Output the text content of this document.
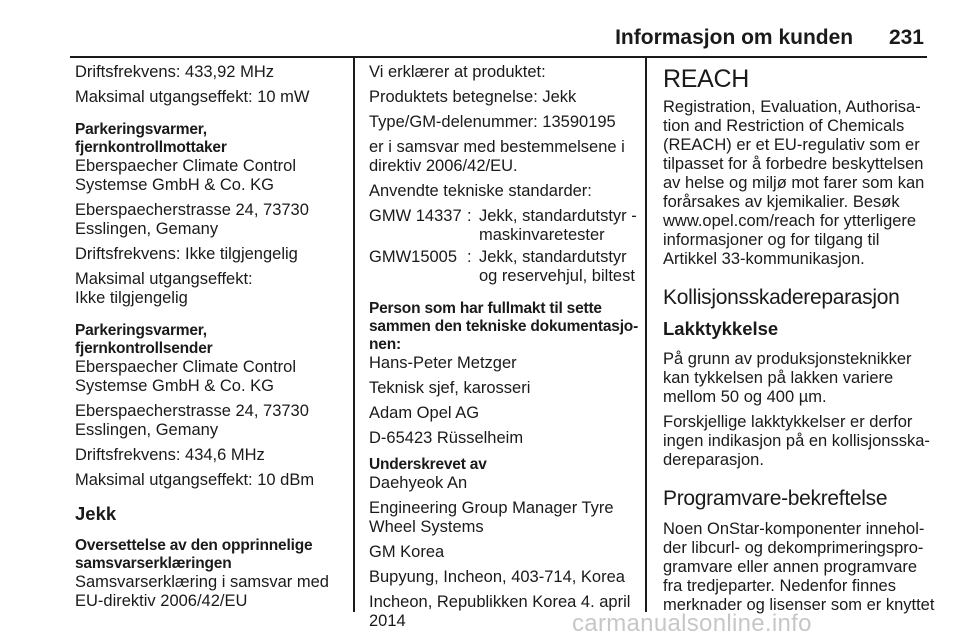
Informasjon om kunden 231

Driftsfrekvens: 433,92 MHz

Maksimal utgangseffekt: 10 mW

Parkeringsvarmer,
fjernkontrollmottaker

Eberspaecher Climate Control
Systemse GmbH & Co. KG

Eberspaecherstrasse 24, 73730
Esslingen, Gemany

Driftsfrekvens: Ikke tilgjengelig

Maksimal utgangseffekt:
Ikke tilgjengelig

Parkeringsvarmer,
fjernkontrollsender

Eberspaecher Climate Control
Systemse GmbH & Co. KG

Eberspaecherstrasse 24, 73730
Esslingen, Gemany

Driftsfrekvens: 434,6 MHz

Maksimal utgangseffekt: 10 dBm

Jekk
Oversettelse av den opprinnelige
samsvarserklæringen

Samsvarserklæring i samsvar med
EU-direktiv 2006/42/EU

Vi erklærer at produktet:

Produktets betegnelse: Jekk

Type/GM-delenummer: 13590195

er i samsvar med bestemmelsene i
direktiv 2006/42/EU.

Anvendte tekniske standarder:

GMW 14337	:	Jekk, standardutstyr -
maskinvaretester
GMW15005	:	Jekk, standardutstyr
og reservehjul, biltest
Person som har fullmakt til sette
sammen den tekniske dokumentasjo-
nen:

Hans-Peter Metzger

Teknisk sjef, karosseri

Adam Opel AG

D-65423 Rüsselheim

Underskrevet av

Daehyeok An

Engineering Group Manager Tyre
Wheel Systems

GM Korea

Bupyung, Incheon, 403-714, Korea

Incheon, Republikken Korea 4. april
2014

REACH

Registration, Evaluation, Authorisa-
tion and Restriction of Chemicals
(REACH) er et EU-regulativ som er
tilpasset for å forbedre beskyttelsen
av helse og miljø mot farer som kan
forårsakes av kjemikalier. Besøk
www.opel.com/reach for ytterligere
informasjoner og for tilgang til
Artikkel 33-kommunikasjon.

Kollisjonsskadereparasjon
Lakktykkelse

På grunn av produksjonsteknikker
kan tykkelsen på lakken variere
mellom 50 og 400 µm.

Forskjellige lakktykkelser er derfor
ingen indikasjon på en kollisjonsska-
dereparasjon.

Programvare-bekreftelse

Noen OnStar-komponenter innehol-
der libcurl- og dekomprimeringspro-
gramvare eller annen programvare
fra tredjeparter. Nedenfor finnes
merknader og lisenser som er knyttet

carmanualsonline.info
